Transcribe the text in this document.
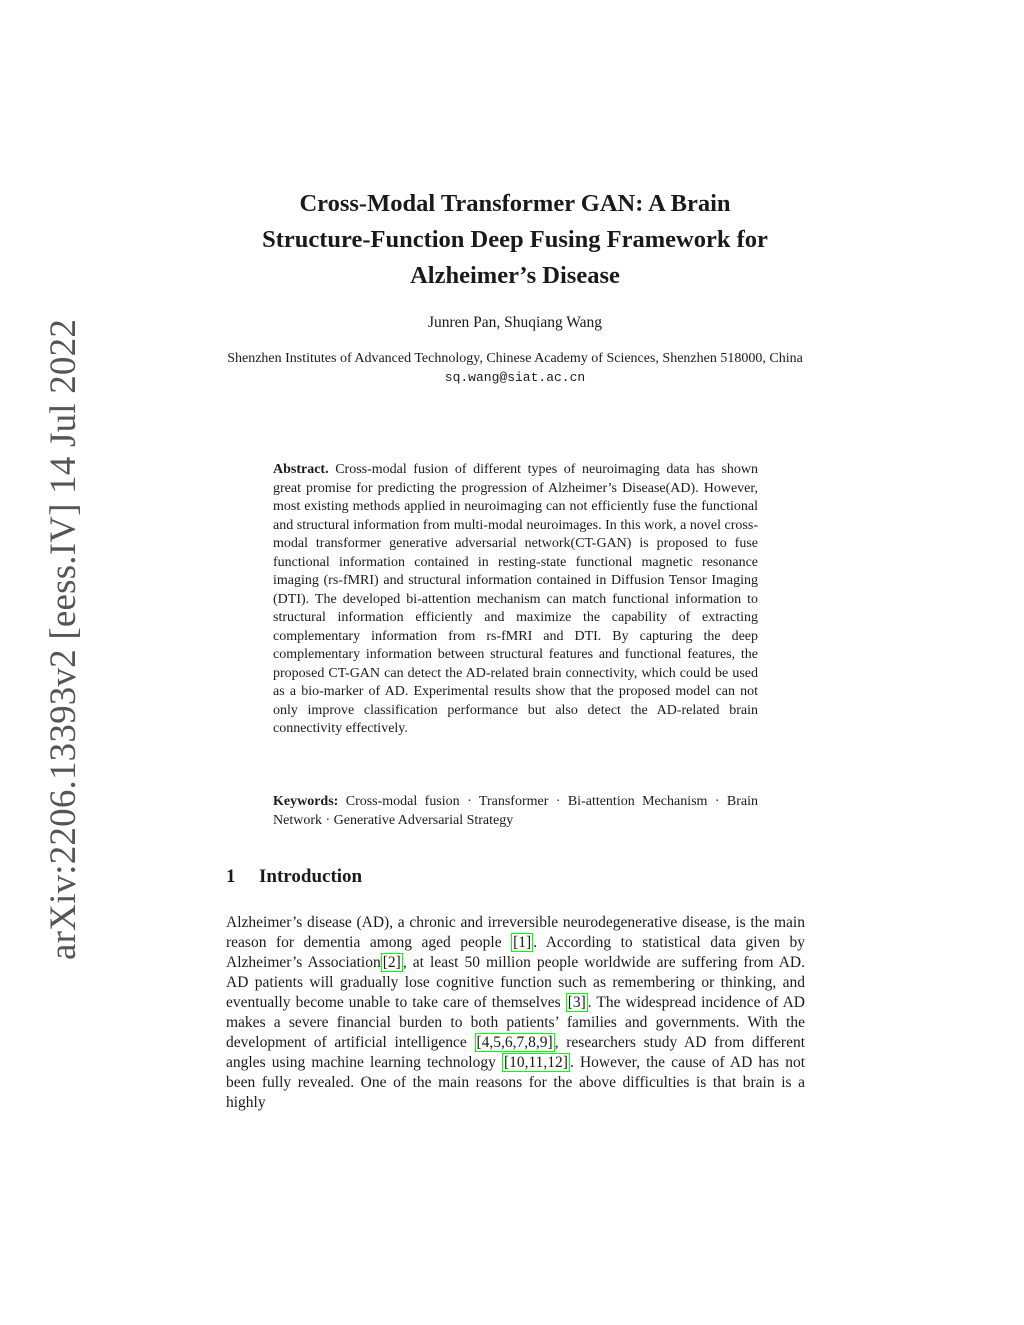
arXiv:2206.13393v2 [eess.IV] 14 Jul 2022
Cross-Modal Transformer GAN: A Brain
Structure-Function Deep Fusing Framework for
Alzheimer’s Disease

Junren Pan, Shuqiang Wang

Shenzhen Institutes of Advanced Technology, Chinese Academy of Sciences, Shenzhen 518000, China
sq.wang@siat.ac.cn

Abstract. Cross-modal fusion of different types of neuroimaging data has shown great promise for predicting the progression of Alzheimer’s Disease(AD). However, most existing methods applied in neuroimaging can not efficiently fuse the functional and structural information from multi-modal neuroimages. In this work, a novel cross-modal transformer generative adversarial network(CT-GAN) is proposed to fuse functional information contained in resting-state functional magnetic resonance imaging (rs-fMRI) and structural information contained in Diffusion Tensor Imaging (DTI). The developed bi-attention mechanism can match functional information to structural information efficiently and maximize the capability of extracting complementary information from rs-fMRI and DTI. By capturing the deep complementary information between structural features and functional features, the proposed CT-GAN can detect the AD-related brain connectivity, which could be used as a bio-marker of AD. Experimental results show that the proposed model can not only improve classification performance but also detect the AD-related brain connectivity effectively.

Keywords: Cross-modal fusion · Transformer · Bi-attention Mechanism · Brain Network · Generative Adversarial Strategy

1 Introduction

Alzheimer’s disease (AD), a chronic and irreversible neurodegenerative disease, is the main reason for dementia among aged people [1] . According to statistical data given by Alzheimer’s Association [2] , at least 50 million people worldwide are suffering from AD. AD patients will gradually lose cognitive function such as remembering or thinking, and eventually become unable to take care of themselves [3] . The widespread incidence of AD makes a severe financial burden to both patients’ families and governments. With the development of artificial intelligence [4,5,6,7,8,9] , researchers study AD from different angles using machine learning technology [10,11,12] . However, the cause of AD has not been fully revealed. One of the main reasons for the above difficulties is that brain is a highly
